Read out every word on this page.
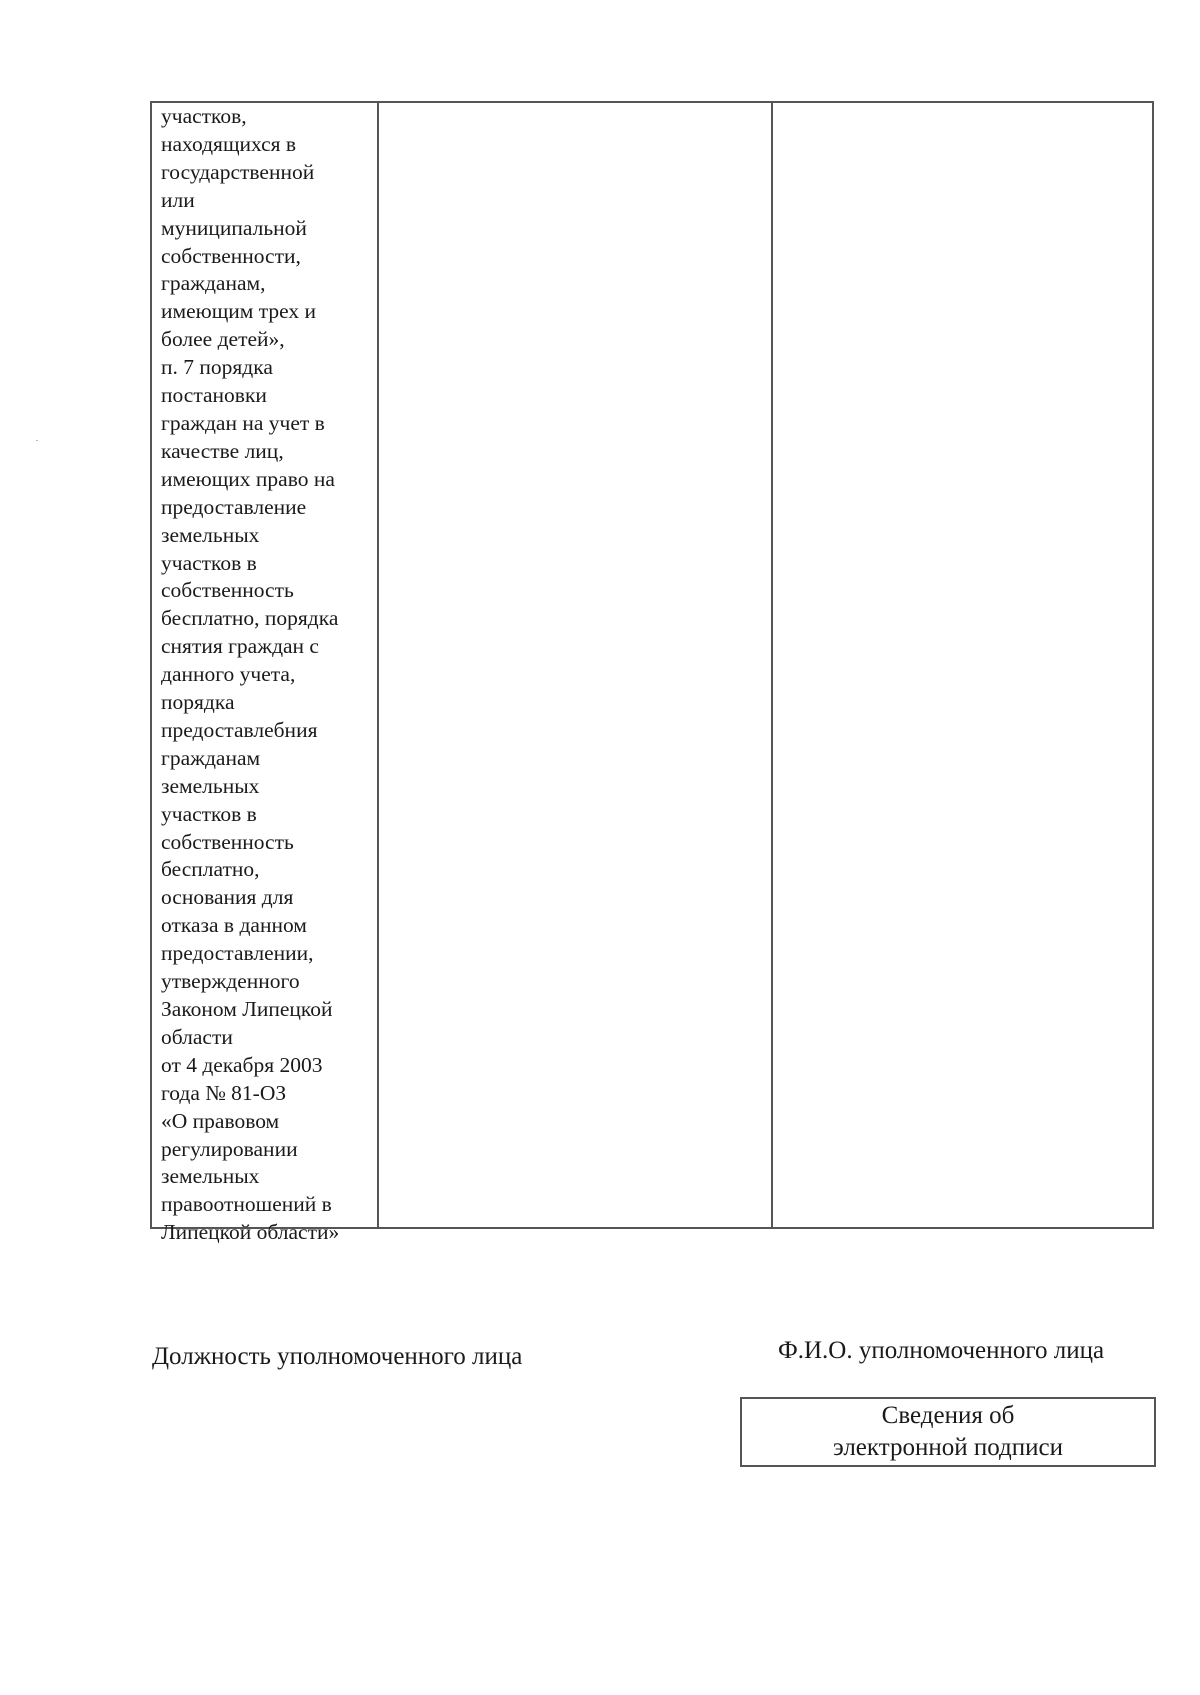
участков,
находящихся в
государственной
или
муниципальной
собственности,
гражданам,
имеющим трех и
более детей»,
п. 7 порядка
постановки
граждан на учет в
качестве лиц,
имеющих право на
предоставление
земельных
участков в
собственность
бесплатно, порядка
снятия граждан с
данного учета,
порядка
предоставлебния
гражданам
земельных
участков в
собственность
бесплатно,
основания для
отказа в данном
предоставлении,
утвержденного
Законом Липецкой
области
от 4 декабря 2003
года № 81-ОЗ
«О правовом
регулировании
земельных
правоотношений в
Липецкой области»

Должность уполномоченного лица	Ф.И.О. уполномоченного лица
Сведения об
электронной подписи
